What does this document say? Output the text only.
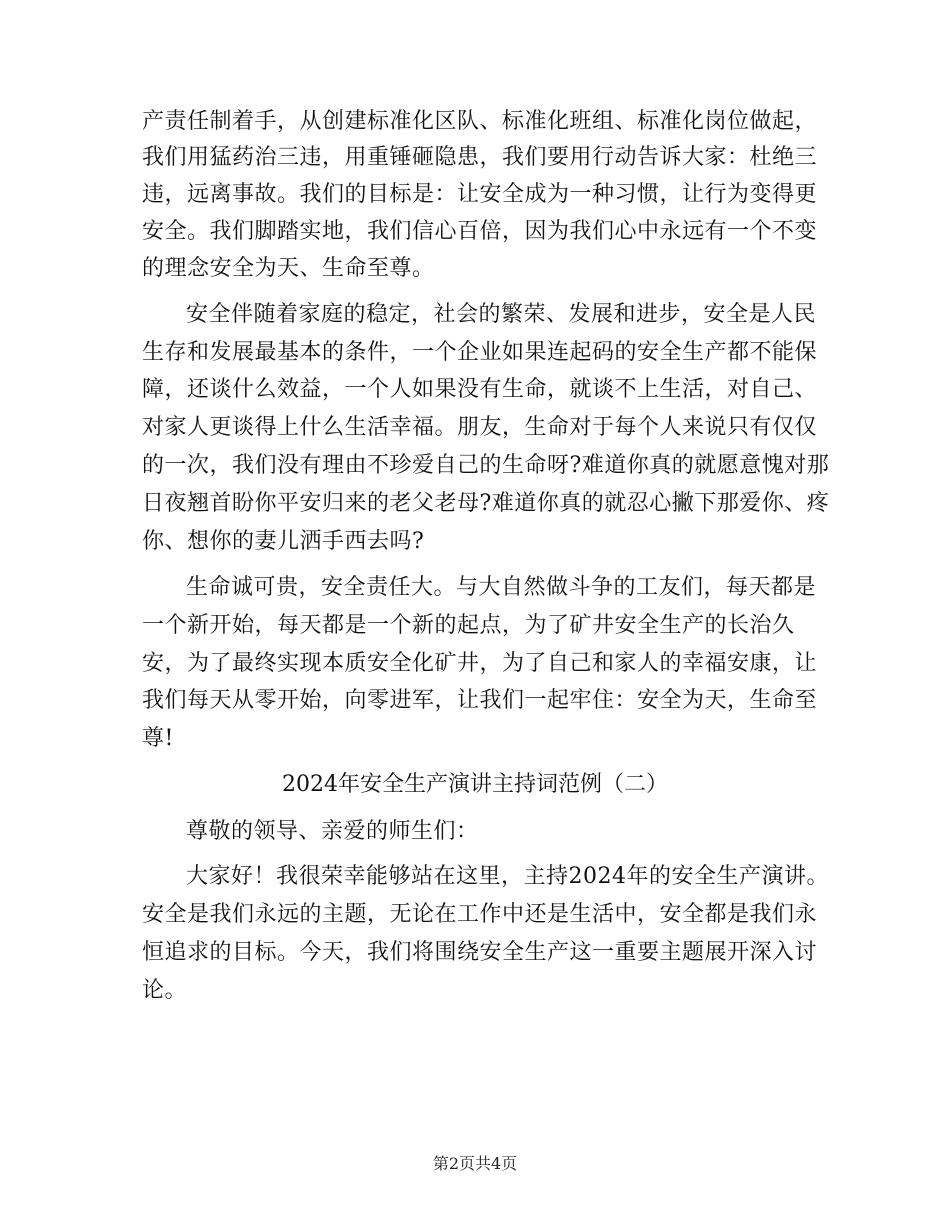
产责任制着手，从创建标准化区队、标准化班组、标准化岗位做起，
我们用猛药治三违，用重锤砸隐患，我们要用行动告诉大家：杜绝三
违，远离事故。我们的目标是：让安全成为一种习惯，让行为变得更
安全。我们脚踏实地，我们信心百倍，因为我们心中永远有一个不变
的理念安全为天、生命至尊。
安全伴随着家庭的稳定，社会的繁荣、发展和进步，安全是人民
生存和发展最基本的条件，一个企业如果连起码的安全生产都不能保
障，还谈什么效益，一个人如果没有生命，就谈不上生活，对自己、
对家人更谈得上什么生活幸福。朋友，生命对于每个人来说只有仅仅
的一次，我们没有理由不珍爱自己的生命呀?难道你真的就愿意愧对那
日夜翘首盼你平安归来的老父老母?难道你真的就忍心撇下那爱你、疼
你、想你的妻儿洒手西去吗?
生命诚可贵，安全责任大。与大自然做斗争的工友们，每天都是
一个新开始，每天都是一个新的起点，为了矿井安全生产的长治久
安，为了最终实现本质安全化矿井，为了自己和家人的幸福安康，让
我们每天从零开始，向零进军，让我们一起牢住：安全为天，生命至
尊!
2024年安全生产演讲主持词范例（二）
尊敬的领导、亲爱的师生们：
大家好！我很荣幸能够站在这里，主持2024年的安全生产演讲。
安全是我们永远的主题，无论在工作中还是生活中，安全都是我们永
恒追求的目标。今天，我们将围绕安全生产这一重要主题展开深入讨
论。
第2页共4页
